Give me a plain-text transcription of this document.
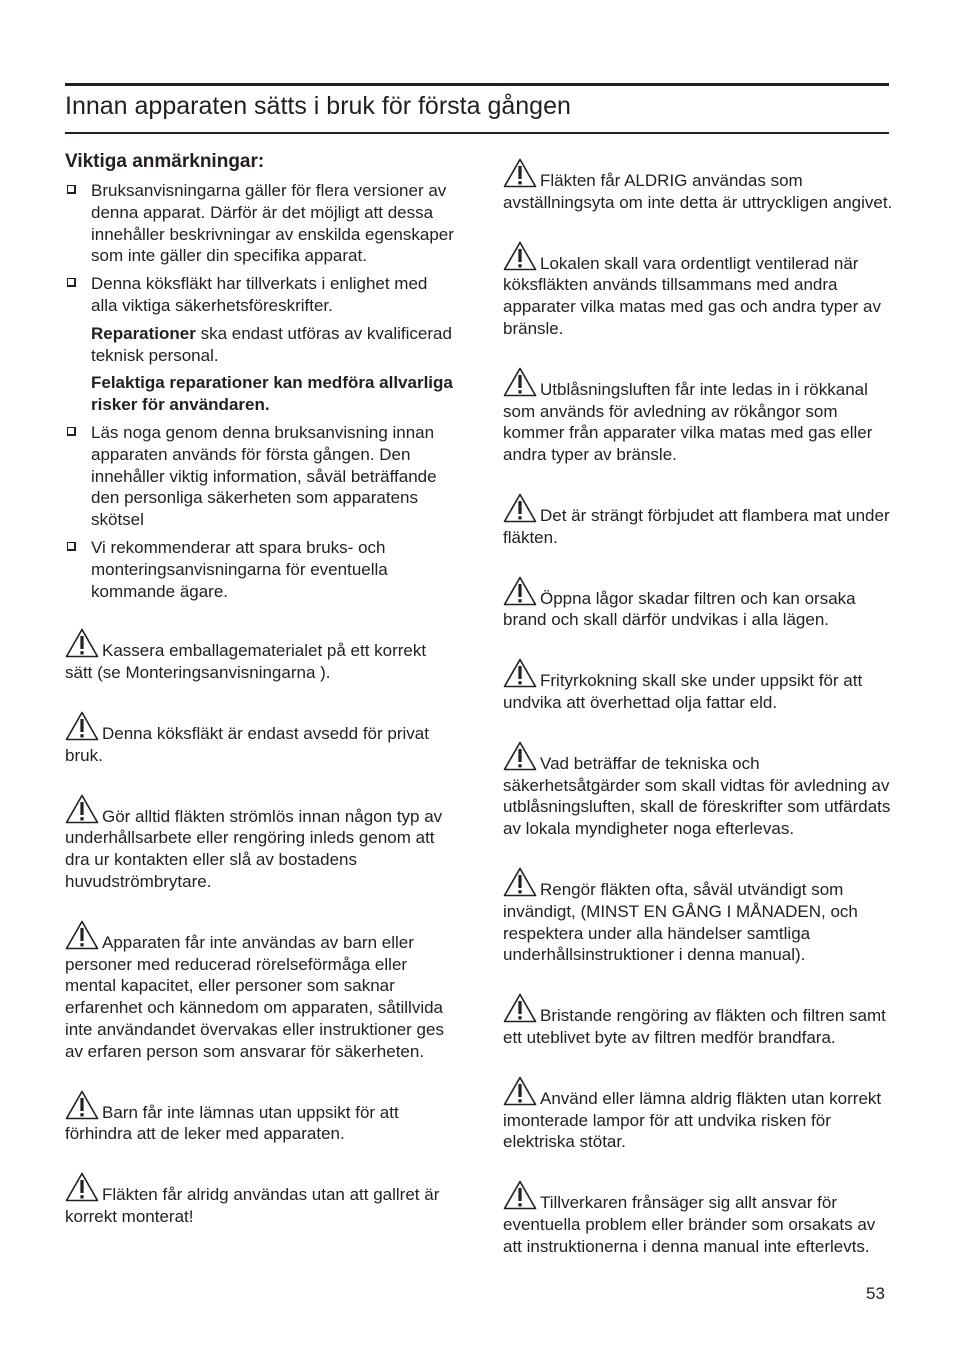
Innan apparaten sätts i bruk för första gången
Viktiga anmärkningar:
Bruksanvisningarna gäller för flera versioner av denna apparat. Därför är det möjligt att dessa innehåller beskrivningar av enskilda egenskaper som inte gäller din specifika apparat.
Denna köksfläkt har tillverkats i enlighet med alla viktiga säkerhetsföreskrifter.
Reparationer ska endast utföras av kvalificerad teknisk personal.
Felaktiga reparationer kan medföra allvarliga risker för användaren.
Läs noga genom denna bruksanvisning innan apparaten används för första gången. Den innehåller viktig information, såväl beträffande den personliga säkerheten som apparatens skötsel
Vi rekommenderar att spara bruks- och monteringsanvisningarna för eventuella kommande ägare.
Kassera emballagematerialet på ett korrekt sätt (se Monteringsanvisningarna ).
Denna köksfläkt är endast avsedd för privat bruk.
Gör alltid fläkten strömlös innan någon typ av underhållsarbete eller rengöring inleds genom att dra ur kontakten eller slå av bostadens huvudströmbrytare.
Apparaten får inte användas av barn eller personer med reducerad rörelseförmåga eller mental kapacitet, eller personer som saknar erfarenhet och kännedom om apparaten, såtillvida inte användandet övervakas eller instruktioner ges av erfaren person som ansvarar för säkerheten.
Barn får inte lämnas utan uppsikt för att förhindra att de leker med apparaten.
Fläkten får alridg användas utan att gallret är korrekt monterat!
Fläkten får ALDRIG användas som avställningsyta om inte detta är uttryckligen angivet.
Lokalen skall vara ordentligt ventilerad när köksfläkten används tillsammans med andra apparater vilka matas med gas och andra typer av bränsle.
Utblåsningsluften får inte ledas in i rökkanal som används för avledning av rökångor som kommer från apparater vilka matas med gas eller andra typer av bränsle.
Det är strängt förbjudet att flambera mat under fläkten.
Öppna lågor skadar filtren och kan orsaka brand och skall därför undvikas i alla lägen.
Frityrkokning skall ske under uppsikt för att undvika att överhettad olja fattar eld.
Vad beträffar de tekniska och säkerhetsåtgärder som skall vidtas för avledning av utblåsningsluften, skall de föreskrifter som utfärdats av lokala myndigheter noga efterlevas.
Rengör fläkten ofta, såväl utvändigt som invändigt, (MINST EN GÅNG I MÅNADEN, och respektera under alla händelser samtliga underhållsinstruktioner i denna manual).
Bristande rengöring av fläkten och filtren samt ett uteblivet byte av filtren medför brandfara.
Använd eller lämna aldrig fläkten utan korrekt imonterade lampor för att undvika risken för elektriska stötar.
Tillverkaren frånsäger sig allt ansvar för eventuella problem eller bränder som orsakats av att instruktionerna i denna manual inte efterlevts.
53
